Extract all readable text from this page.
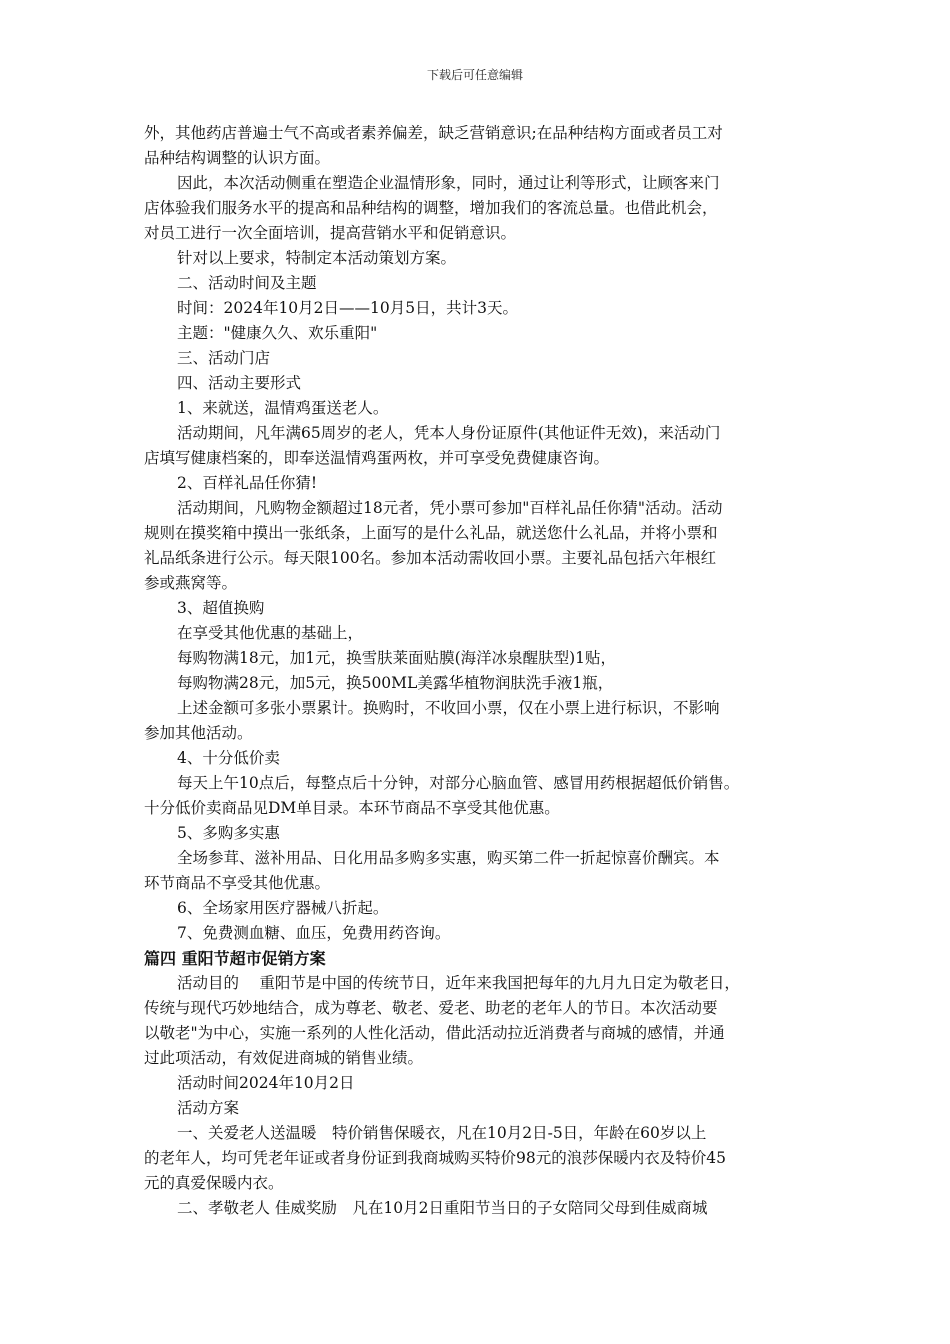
下载后可任意编辑
外，其他药店普遍士气不高或者素养偏差，缺乏营销意识;在品种结构方面或者员工对
品种结构调整的认识方面。
因此，本次活动侧重在塑造企业温情形象，同时，通过让利等形式，让顾客来门
店体验我们服务水平的提高和品种结构的调整，增加我们的客流总量。也借此机会，
对员工进行一次全面培训，提高营销水平和促销意识。
针对以上要求，特制定本活动策划方案。
二、活动时间及主题
时间：2024年10月2日——10月5日，共计3天。
主题："健康久久、欢乐重阳"
三、活动门店
四、活动主要形式
1、来就送，温情鸡蛋送老人。
活动期间，凡年满65周岁的老人，凭本人身份证原件(其他证件无效)，来活动门
店填写健康档案的，即奉送温情鸡蛋两枚，并可享受免费健康咨询。
2、百样礼品任你猜!
活动期间，凡购物金额超过18元者，凭小票可参加"百样礼品任你猜"活动。活动
规则在摸奖箱中摸出一张纸条，上面写的是什么礼品，就送您什么礼品，并将小票和
礼品纸条进行公示。每天限100名。参加本活动需收回小票。主要礼品包括六年根红
参或燕窝等。
3、超值换购
在享受其他优惠的基础上，
每购物满18元，加1元，换雪肤莱面贴膜(海洋冰泉醒肤型)1贴，
每购物满28元，加5元，换500ML美露华植物润肤洗手液1瓶，
上述金额可多张小票累计。换购时，不收回小票，仅在小票上进行标识，不影响
参加其他活动。
4、十分低价卖
每天上午10点后，每整点后十分钟，对部分心脑血管、感冒用药根据超低价销售。
十分低价卖商品见DM单目录。本环节商品不享受其他优惠。
5、多购多实惠
全场参茸、滋补用品、日化用品多购多实惠，购买第二件一折起惊喜价酬宾。本
环节商品不享受其他优惠。
6、全场家用医疗器械八折起。
7、免费测血糖、血压，免费用药咨询。
篇四 重阳节超市促销方案
活动目的　 重阳节是中国的传统节日，近年来我国把每年的九月九日定为敬老日，
传统与现代巧妙地结合，成为尊老、敬老、爱老、助老的老年人的节日。本次活动要
以敬老"为中心，实施一系列的人性化活动，借此活动拉近消费者与商城的感情，并通
过此项活动，有效促进商城的销售业绩。
活动时间2024年10月2日
活动方案
一、关爱老人送温暖　特价销售保暖衣，凡在10月2日-5日，年龄在60岁以上
的老年人，均可凭老年证或者身份证到我商城购买特价98元的浪莎保暖内衣及特价45
元的真爱保暖内衣。
二、孝敬老人 佳威奖励　凡在10月2日重阳节当日的子女陪同父母到佳威商城
